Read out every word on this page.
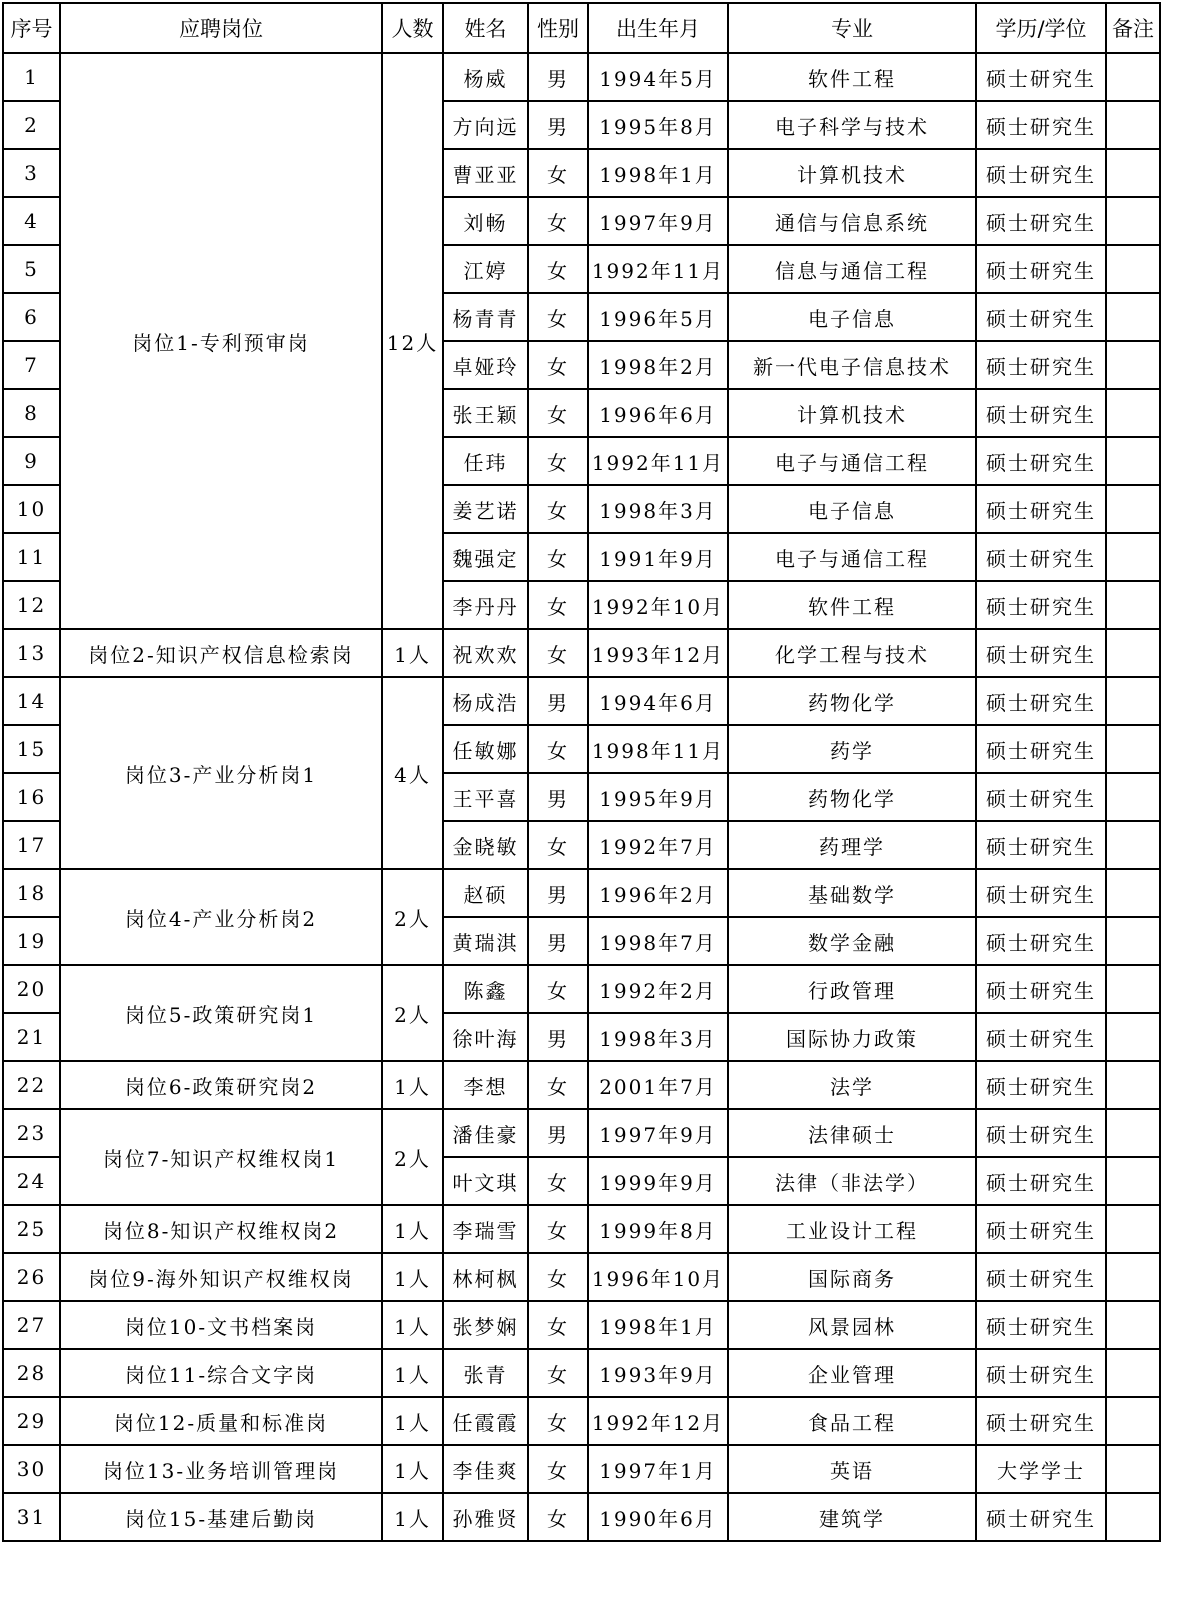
序号	应聘岗位	人数	姓名	性别	出生年月	专业	学历/学位	备注
1	岗位1-专利预审岗	12人	杨威	男	1994年5月	软件工程	硕士研究生	
2			方向远	男	1995年8月	电子科学与技术	硕士研究生	
3			曹亚亚	女	1998年1月	计算机技术	硕士研究生	
4			刘畅	女	1997年9月	通信与信息系统	硕士研究生	
5			江婷	女	1992年11月	信息与通信工程	硕士研究生	
6			杨青青	女	1996年5月	电子信息	硕士研究生	
7			卓娅玲	女	1998年2月	新一代电子信息技术	硕士研究生	
8			张王颖	女	1996年6月	计算机技术	硕士研究生	
9			任玮	女	1992年11月	电子与通信工程	硕士研究生	
10			姜艺诺	女	1998年3月	电子信息	硕士研究生	
11			魏强定	女	1991年9月	电子与通信工程	硕士研究生	
12			李丹丹	女	1992年10月	软件工程	硕士研究生	
13	岗位2-知识产权信息检索岗	1人	祝欢欢	女	1993年12月	化学工程与技术	硕士研究生	
14	岗位3-产业分析岗1	4人	杨成浩	男	1994年6月	药物化学	硕士研究生	
15			任敏娜	女	1998年11月	药学	硕士研究生	
16			王平喜	男	1995年9月	药物化学	硕士研究生	
17			金晓敏	女	1992年7月	药理学	硕士研究生	
18	岗位4-产业分析岗2	2人	赵硕	男	1996年2月	基础数学	硕士研究生	
19			黄瑞淇	男	1998年7月	数学金融	硕士研究生	
20	岗位5-政策研究岗1	2人	陈鑫	女	1992年2月	行政管理	硕士研究生	
21			徐叶海	男	1998年3月	国际协力政策	硕士研究生	
22	岗位6-政策研究岗2	1人	李想	女	2001年7月	法学	硕士研究生	
23	岗位7-知识产权维权岗1	2人	潘佳豪	男	1997年9月	法律硕士	硕士研究生	
24			叶文琪	女	1999年9月	法律（非法学）	硕士研究生	
25	岗位8-知识产权维权岗2	1人	李瑞雪	女	1999年8月	工业设计工程	硕士研究生	
26	岗位9-海外知识产权维权岗	1人	林柯枫	女	1996年10月	国际商务	硕士研究生	
27	岗位10-文书档案岗	1人	张梦娴	女	1998年1月	风景园林	硕士研究生	
28	岗位11-综合文字岗	1人	张青	女	1993年9月	企业管理	硕士研究生	
29	岗位12-质量和标准岗	1人	任霞霞	女	1992年12月	食品工程	硕士研究生	
30	岗位13-业务培训管理岗	1人	李佳爽	女	1997年1月	英语	大学学士	
31	岗位15-基建后勤岗	1人	孙雅贤	女	1990年6月	建筑学	硕士研究生	
